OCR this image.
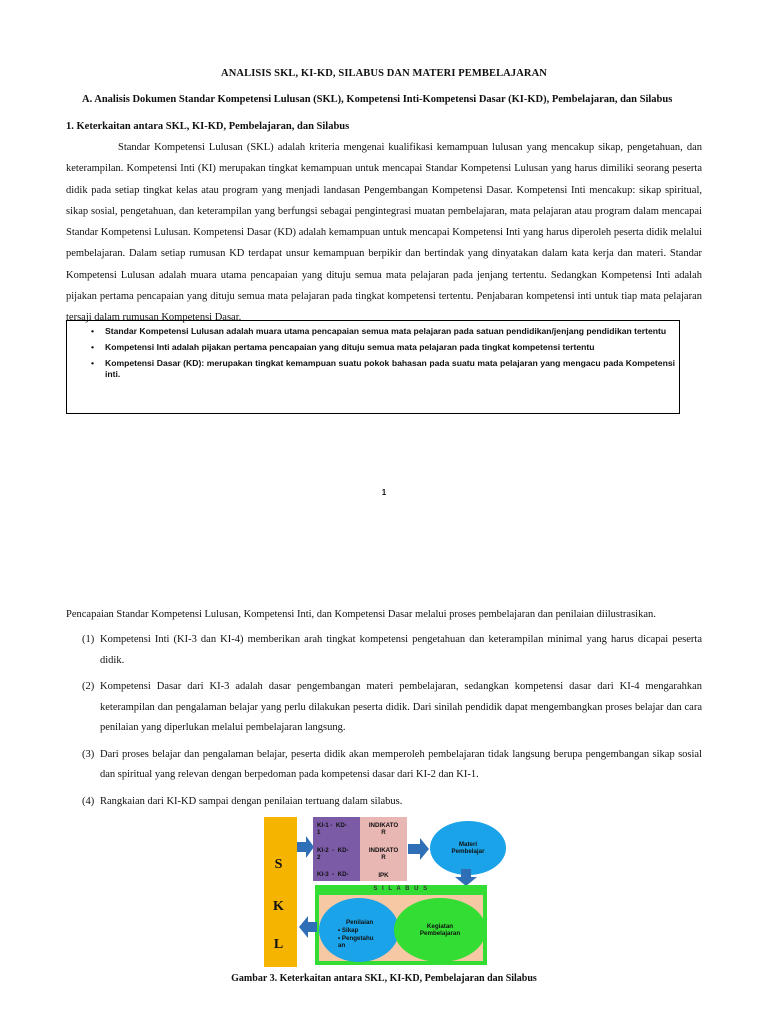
ANALISIS SKL, KI-KD, SILABUS DAN MATERI PEMBELAJARAN
A. Analisis Dokumen Standar Kompetensi Lulusan (SKL), Kompetensi Inti-Kompetensi Dasar (KI-KD), Pembelajaran, dan Silabus
1. Keterkaitan antara SKL, KI-KD, Pembelajaran, dan Silabus
Standar Kompetensi Lulusan (SKL) adalah kriteria mengenai kualifikasi kemampuan lulusan yang mencakup sikap, pengetahuan, dan keterampilan. Kompetensi Inti (KI) merupakan tingkat kemampuan untuk mencapai Standar Kompetensi Lulusan yang harus dimiliki seorang peserta didik pada setiap tingkat kelas atau program yang menjadi landasan Pengembangan Kompetensi Dasar. Kompetensi Inti mencakup: sikap spiritual, sikap sosial, pengetahuan, dan keterampilan yang berfungsi sebagai pengintegrasi muatan pembelajaran, mata pelajaran atau program dalam mencapai Standar Kompetensi Lulusan. Kompetensi Dasar (KD) adalah kemampuan untuk mencapai Kompetensi Inti yang harus diperoleh peserta didik melalui pembelajaran. Dalam setiap rumusan KD terdapat unsur kemampuan berpikir dan bertindak yang dinyatakan dalam kata kerja dan materi. Standar Kompetensi Lulusan adalah muara utama pencapaian yang dituju semua mata pelajaran pada jenjang tertentu. Sedangkan Kompetensi Inti adalah pijakan pertama pencapaian yang dituju semua mata pelajaran pada tingkat kompetensi tertentu. Penjabaran kompetensi inti untuk tiap mata pelajaran tersaji dalam rumusan Kompetensi Dasar.
• Standar Kompetensi Lulusan adalah muara utama pencapaian semua mata pelajaran pada satuan pendidikan/jenjang pendidikan tertentu
• Kompetensi Inti adalah pijakan pertama pencapaian yang dituju semua mata pelajaran pada tingkat kompetensi tertentu
• Kompetensi Dasar (KD): merupakan tingkat kemampuan suatu pokok bahasan pada suatu mata pelajaran yang mengacu pada Kompetensi inti.
1
Pencapaian Standar Kompetensi Lulusan, Kompetensi Inti, dan Kompetensi Dasar melalui proses pembelajaran dan penilaian diilustrasikan.
(1) Kompetensi Inti (KI-3 dan KI-4) memberikan arah tingkat kompetensi pengetahuan dan keterampilan minimal yang harus dicapai peserta didik.
(2) Kompetensi Dasar dari KI-3 adalah dasar pengembangan materi pembelajaran, sedangkan kompetensi dasar dari KI-4 mengarahkan keterampilan dan pengalaman belajar yang perlu dilakukan peserta didik. Dari sinilah pendidik dapat mengembangkan proses belajar dan cara penilaian yang diperlukan melalui pembelajaran langsung.
(3) Dari proses belajar dan pengalaman belajar, peserta didik akan memperoleh pembelajaran tidak langsung berupa pengembangan sikap sosial dan spiritual yang relevan dengan berpedoman pada kompetensi dasar dari KI-2 dan KI-1.
(4) Rangkaian dari KI-KD sampai dengan penilaian tertuang dalam silabus.
S
K
L
KI-1 -  KD-
1
KI-2  -  KD-
2
KI-3  -  KD-
INDIKATO
R
INDIKATO
R
IPK
Materi
Pembelajar
S I L A B U S
Penilaian
• Sikap
• Pengetahu
an
Kegiatan
Pembelajaran
Gambar 3. Keterkaitan antara SKL, KI-KD, Pembelajaran dan Silabus
